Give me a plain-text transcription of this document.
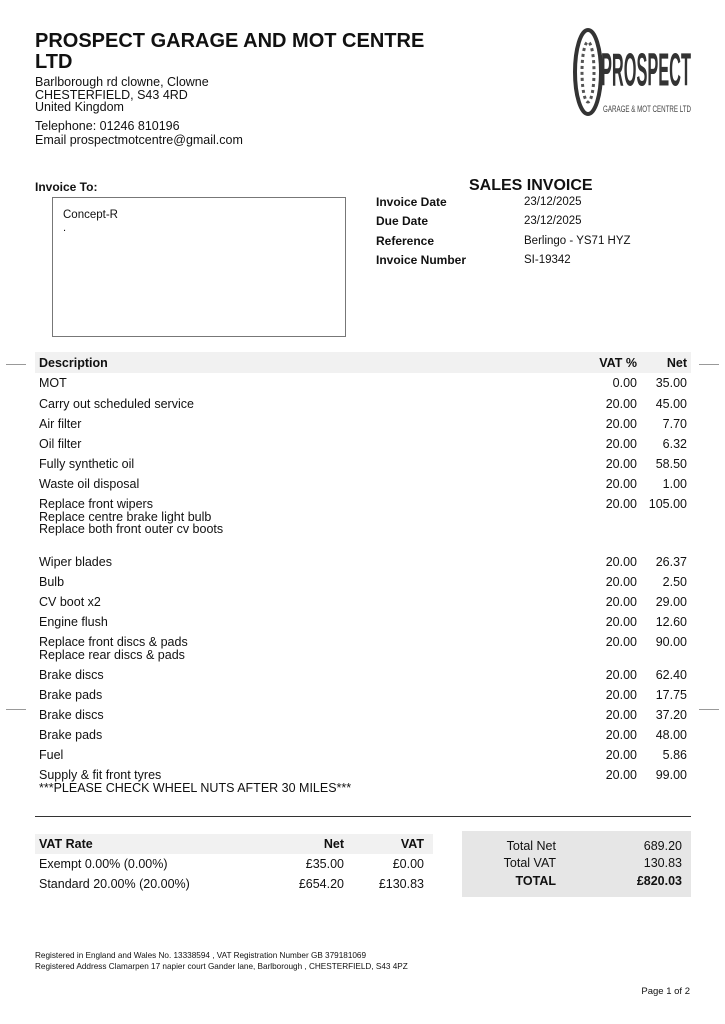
PROSPECT GARAGE AND MOT CENTRE LTD
Barlborough rd clowne, Clowne
CHESTERFIELD, S43 4RD
United Kingdom
Telephone: 01246 810196
Email prospectmotcentre@gmail.com
PROSPECT
GARAGE & MOT CENTRE LTD
Invoice To:
Concept-R
.
SALES INVOICE
Invoice Date	23/12/2025
Due Date	23/12/2025
Reference	Berlingo - YS71 HYZ
Invoice Number	SI-19342
Description	VAT %	Net
MOT	0.00	35.00
Carry out scheduled service	20.00	45.00
Air filter	20.00	7.70
Oil filter	20.00	6.32
Fully synthetic oil	20.00	58.50
Waste oil disposal	20.00	1.00
Replace front wipers
Replace centre brake light bulb
Replace both front outer cv boots
20.00 105.00
Wiper blades	20.00	26.37
Bulb	20.00	2.50
CV boot x2	20.00	29.00
Engine flush	20.00	12.60
Replace front discs & pads
Replace rear discs & pads
20.00	90.00
Brake discs	20.00	62.40
Brake pads	20.00	17.75
Brake discs	20.00	37.20
Brake pads	20.00	48.00
Fuel	20.00	5.86
Supply & fit front tyres
***PLEASE CHECK WHEEL NUTS AFTER 30 MILES***
20.00	99.00
VAT Rate	Net	VAT
Exempt 0.00% (0.00%)	£35.00	£0.00
Standard 20.00% (20.00%)	£654.20	£130.83
Total Net	689.20
Total VAT	130.83
TOTAL	£820.03
Registered in England and Wales No. 13338594 , VAT Registration Number GB 379181069
Registered Address Clamarpen 17 napier court Gander lane, Barlborough , CHESTERFIELD, S43 4PZ
Page 1 of 2
